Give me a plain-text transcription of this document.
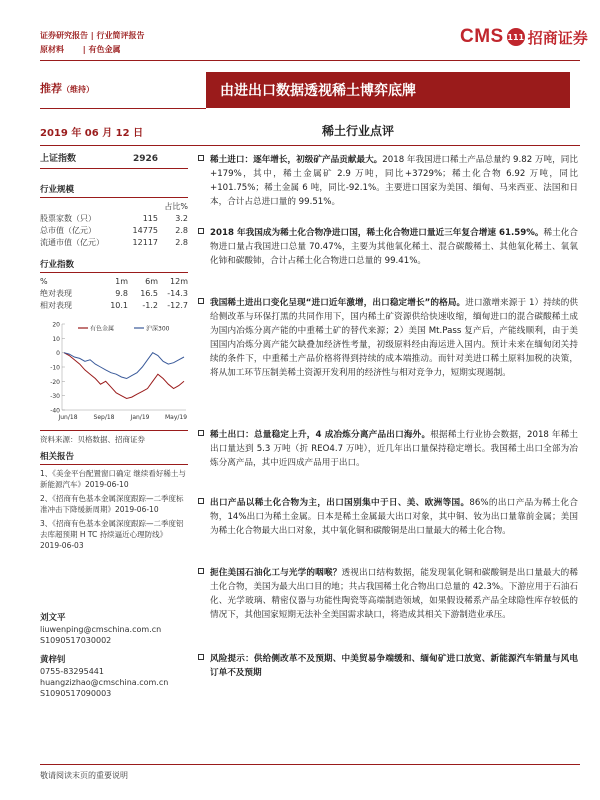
证券研究报告 | 行业简评报告
原材料　　 | 有色金属
CMS 111 招商证券
推荐（维持）	由进出口数据透视稀土博弈底牌
2019 年 06 月 12 日	稀土行业点评
上证指数	2926
行业规模
占比%
股票家数（只）	115	3.2
总市值（亿元）	14775	2.8
流通市值（亿元）	12117	2.8
行业指数
%	1m	6m	12m
绝对表现	9.8	16.5	-14.3
相对表现	10.1	-1.2	-12.7
20
10
0
-10
-20
-30
-40
Jun/18	Sep/18	Jan/19	May/19
有色金属	沪深300
资料来源：贝格数据、招商证券
相关报告
1、《美金平台配置窗口确定 继续看好稀土与新能源汽车》2019-06-10
2、《招商有色基本金属深度跟踪—二季度标准冲击下降缓新周期》2019-06-10
3、《招商有色基本金属深度跟踪—二季度铝去库超预期 H TC 持续逼近心理防线》2019-06-03
刘文平
liuwenping@cmschina.com.cn
S1090517030002
黄梓钊
0755-83295441
huangzizhao@cmschina.com.cn
S1090517090003
稀土进口：逐年增长，初级矿产品贡献最大。2018 年我国进口稀土产品总量约 9.82 万吨，同比+179%，其中，稀土金属矿 2.9 万吨，同比+3729%；稀土化合物 6.92 万吨，同比+101.75%；稀土金属 6 吨，同比-92.1%。主要进口国家为美国、缅甸、马来西亚、法国和日本，合计占总进口量的 99.51%。
2018 年我国成为稀土化合物净进口国，稀土化合物进口量近三年复合增速 61.59%。稀土化合物进口量占我国进口总量 70.47%，主要为其他氧化稀土、混合碳酸稀土、其他氧化稀土、氧氧化铈和碳酸铈，合计占稀土化合物进口总量的 99.41%。
我国稀土进出口变化呈现“进口近年激增，出口稳定增长”的格局。进口激增来源于 1）持续的供给侧改革与环保打黑的共同作用下，国内稀土矿资源供给快速收缩，缅甸进口的混合碳酸稀土成为国内冶炼分离产能的中重稀土矿的替代来源；2）美国 Mt.Pass 复产后，产能线顺利，由于美国国内冶炼分离产能欠缺叠加经济性考量，初级原料经由海运进入国内。预计未来在缅甸闭关持续的条件下，中重稀土产品价格将得到持续的成本端推动。而针对美进口稀土原料加税的决策，将从加工环节压制美稀土资源开发利用的经济性与相对竞争力，短期实现遏制。
稀土出口：总量稳定上升，4 成冶炼分离产品出口海外。根据稀土行业协会数据，2018 年稀土出口量达到 5.3 万吨（折 REO4.7 万吨），近几年出口量保持稳定增长。我国稀土出口全部为冶炼分离产品，其中近四成产品用于出口。
出口产品以稀土化合物为主，出口国别集中于日、美、欧洲等国。86%的出口产品为稀土化合物，14%出口为稀土金属。日本是稀土金属最大出口对象，其中铜、钕为出口量靠前金属；美国为稀土化合物最大出口对象，其中氧化铜和碳酸铜是出口量最大的稀土化合物。
扼住美国石油化工与光学的咽喉？透视出口结构数据，能发现氧化铜和碳酸铜是出口量最大的稀土化合物，美国为最大出口目的地；共占我国稀土化合物出口总量的 42.3%。下游应用于石油石化、光学玻璃、精密仪器与功能性陶瓷等高端制造领域，如果假设稀系产品全球隐性库存较低的情况下，其他国家短期无法补全美国需求缺口，将造成其相关下游制造业承压。
风险提示：供给侧改革不及预期、中美贸易争端缓和、缅甸矿进口放宽、新能源汽车销量与风电订单不及预期
敬请阅读末页的重要说明
